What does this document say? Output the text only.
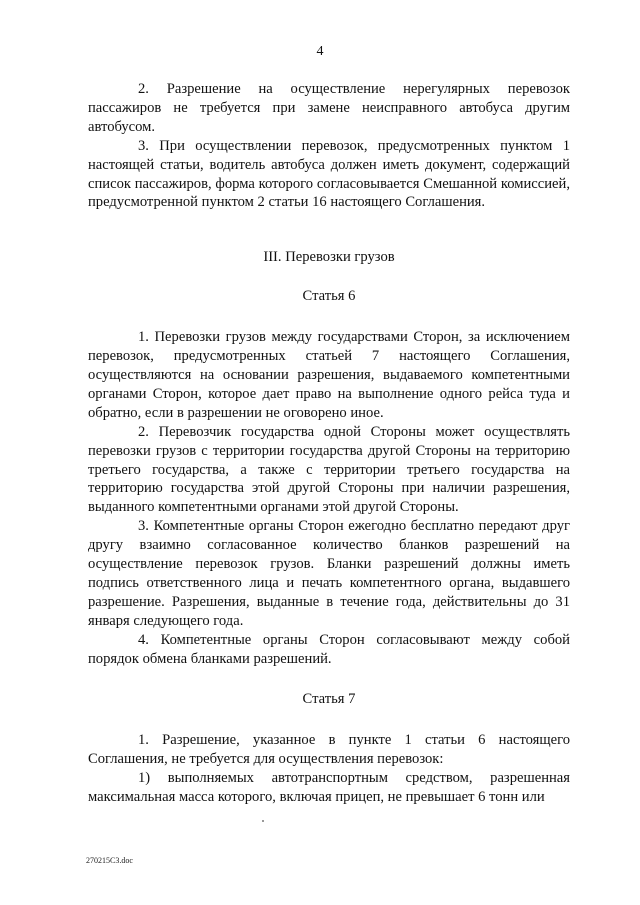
4

2. Разрешение на осуществление нерегулярных перевозок пассажиров не требуется при замене неисправного автобуса другим автобусом.

3. При осуществлении перевозок, предусмотренных пунктом 1 настоящей статьи, водитель автобуса должен иметь документ, содержащий список пассажиров, форма которого согласовывается Смешанной комиссией, предусмотренной пунктом 2 статьи 16 настоящего Соглашения.

III. Перевозки грузов
Статья 6

1. Перевозки грузов между государствами Сторон, за исключением перевозок, предусмотренных статьей 7 настоящего Соглашения, осуществляются на основании разрешения, выдаваемого компетентными органами Сторон, которое дает право на выполнение одного рейса туда и обратно, если в разрешении не оговорено иное.

2. Перевозчик государства одной Стороны может осуществлять перевозки грузов с территории государства другой Стороны на территорию третьего государства, а также с территории третьего государства на территорию государства этой другой Стороны при наличии разрешения, выданного компетентными органами этой другой Стороны.

3. Компетентные органы Сторон ежегодно бесплатно передают друг другу взаимно согласованное количество бланков разрешений на осуществление перевозок грузов. Бланки разрешений должны иметь подпись ответственного лица и печать компетентного органа, выдавшего разрешение. Разрешения, выданные в течение года, действительны до 31 января следующего года.

4. Компетентные органы Сторон согласовывают между собой порядок обмена бланками разрешений.

Статья 7

1. Разрешение, указанное в пункте 1 статьи 6 настоящего Соглашения, не требуется для осуществления перевозок:

1) выполняемых автотранспортным средством, разрешенная максимальная масса которого, включая прицеп, не превышает 6 тонн или

270215C3.doc
